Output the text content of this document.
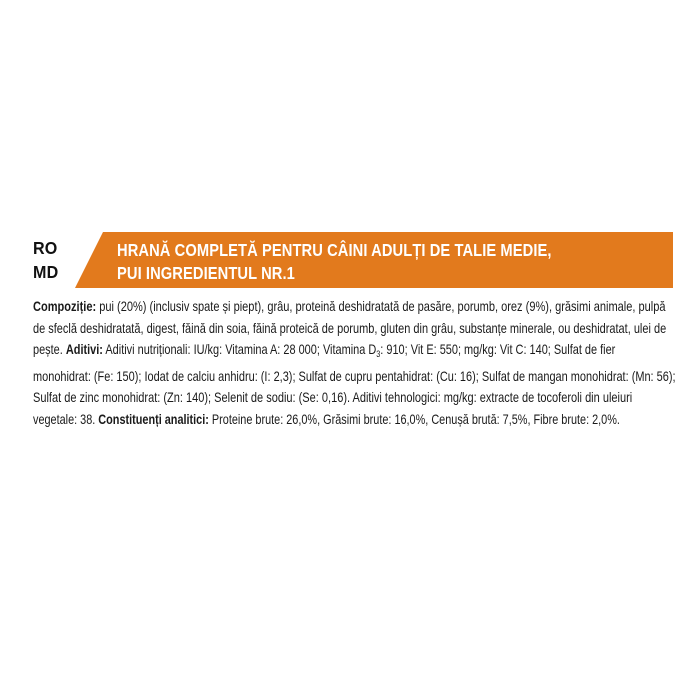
RO
MD
HRANĂ COMPLETĂ PENTRU CÂINI ADULȚI DE TALIE MEDIE,
PUI INGREDIENTUL NR.1
Compoziție: pui (20%) (inclusiv spate și piept), grâu, proteină deshidratată de pasăre, porumb, orez (9%), grăsimi animale, pulpă
de sfeclă deshidratată, digest, făină din soia, făină proteică de porumb, gluten din grâu, substanțe minerale, ou deshidratat, ulei de
pește. Aditivi: Aditivi nutriționali: IU/kg: Vitamina A: 28 000; Vitamina $D_3$: 910; Vit E: 550; mg/kg: Vit C: 140; Sulfat de fier
monohidrat: (Fe: 150); Iodat de calciu anhidru: (I: 2,3); Sulfat de cupru pentahidrat: (Cu: 16); Sulfat de mangan monohidrat: (Mn: 56);
Sulfat de zinc monohidrat: (Zn: 140); Selenit de sodiu: (Se: 0,16). Aditivi tehnologici: mg/kg: extracte de tocoferoli din uleiuri
vegetale: 38. Constituenți analitici: Proteine brute: 26,0%, Grăsimi brute: 16,0%, Cenușă brută: 7,5%, Fibre brute: 2,0%.
